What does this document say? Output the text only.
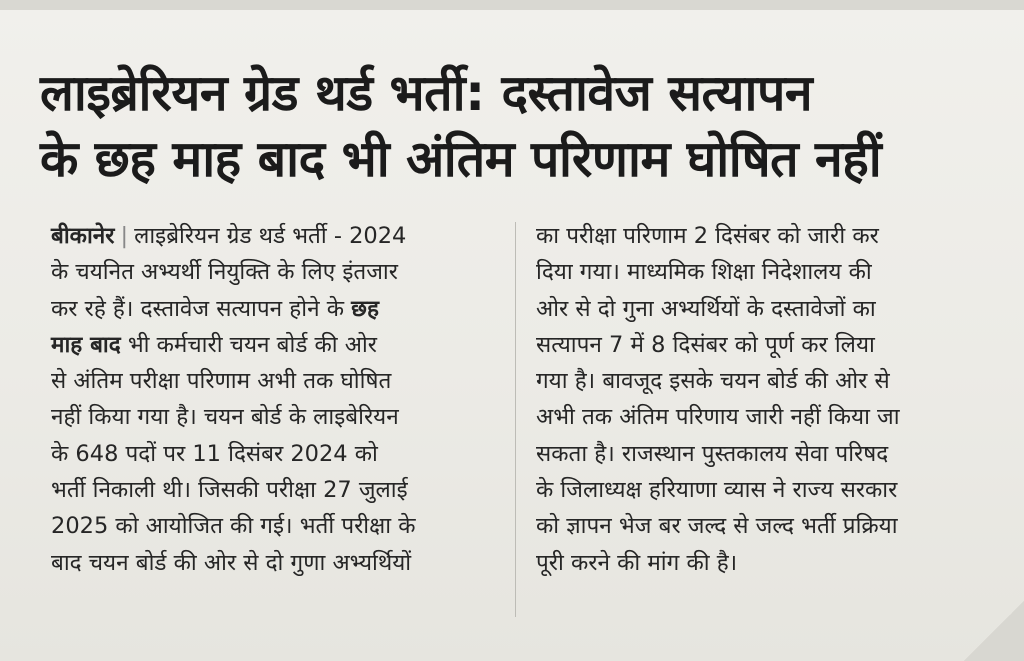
लाइब्रेरियन ग्रेड थर्ड भर्ती: दस्तावेज सत्यापन
के छह माह बाद भी अंतिम परिणाम घोषित नहीं
बीकानेर | लाइब्रेरियन ग्रेड थर्ड भर्ती - 2024
के चयनित अभ्यर्थी नियुक्ति के लिए इंतजार
कर रहे हैं। दस्तावेज सत्यापन होने के छह
माह बाद भी कर्मचारी चयन बोर्ड की ओर
से अंतिम परीक्षा परिणाम अभी तक घोषित
नहीं किया गया है। चयन बोर्ड के लाइबेरियन
के 648 पदों पर 11 दिसंबर 2024 को
भर्ती निकाली थी। जिसकी परीक्षा 27 जुलाई
2025 को आयोजित की गई। भर्ती परीक्षा के
बाद चयन बोर्ड की ओर से दो गुणा अभ्यर्थियों
का परीक्षा परिणाम 2 दिसंबर को जारी कर
दिया गया। माध्यमिक शिक्षा निदेशालय की
ओर से दो गुना अभ्यर्थियों के दस्तावेजों का
सत्यापन 7 में 8 दिसंबर को पूर्ण कर लिया
गया है। बावजूद इसके चयन बोर्ड की ओर से
अभी तक अंतिम परिणाय जारी नहीं किया जा
सकता है। राजस्थान पुस्तकालय सेवा परिषद
के जिलाध्यक्ष हरियाणा व्यास ने राज्य सरकार
को ज्ञापन भेज बर जल्द से जल्द भर्ती प्रक्रिया
पूरी करने की मांग की है।
